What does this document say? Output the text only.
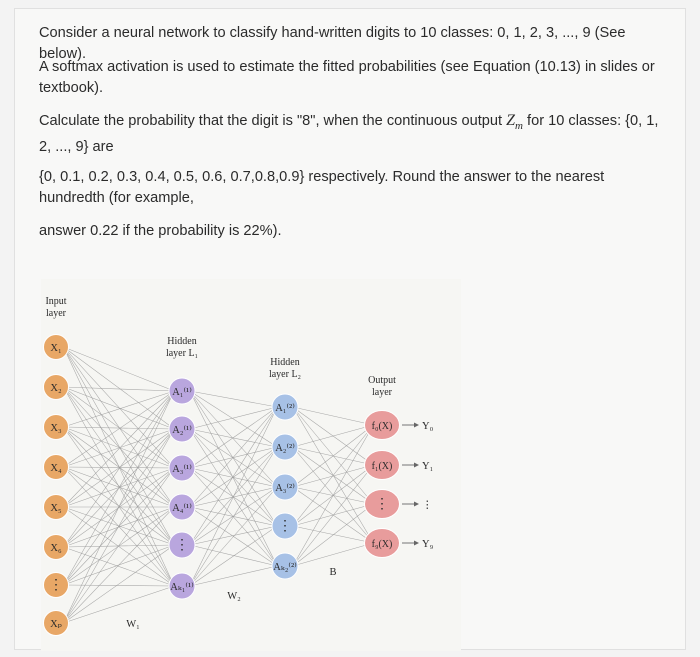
Consider a neural network to classify hand-written digits to 10 classes: 0, 1, 2, 3, ..., 9 (See below).
A softmax activation is used to estimate the fitted probabilities (see Equation (10.13) in slides or textbook).
Calculate the probability that the digit is "8", when the continuous output $Z_m$ for 10 classes: {0, 1, 2, ..., 9} are
{0, 0.1, 0.2, 0.3, 0.4, 0.5, 0.6, 0.7,0.8,0.9} respectively. Round the answer to the nearest hundredth (for example,
answer 0.22 if the probability is 22%).
X₁
X₂
X₃
X₄
X₅
X₆
⋮
Xₚ
A₁⁽¹⁾
A₂⁽¹⁾
A₃⁽¹⁾
A₄⁽¹⁾
⋮
Aₖ₁⁽¹⁾
A₁⁽²⁾
A₂⁽²⁾
A₃⁽²⁾
⋮
Aₖ₂⁽²⁾
f₀(X)
f₁(X)
⋮
f₉(X)
Y₀
Y₁
⋮
Y₉
Input
layer
Hidden
layer L₁
Hidden
layer L₂
Output
layer
W₁
W₂
B
